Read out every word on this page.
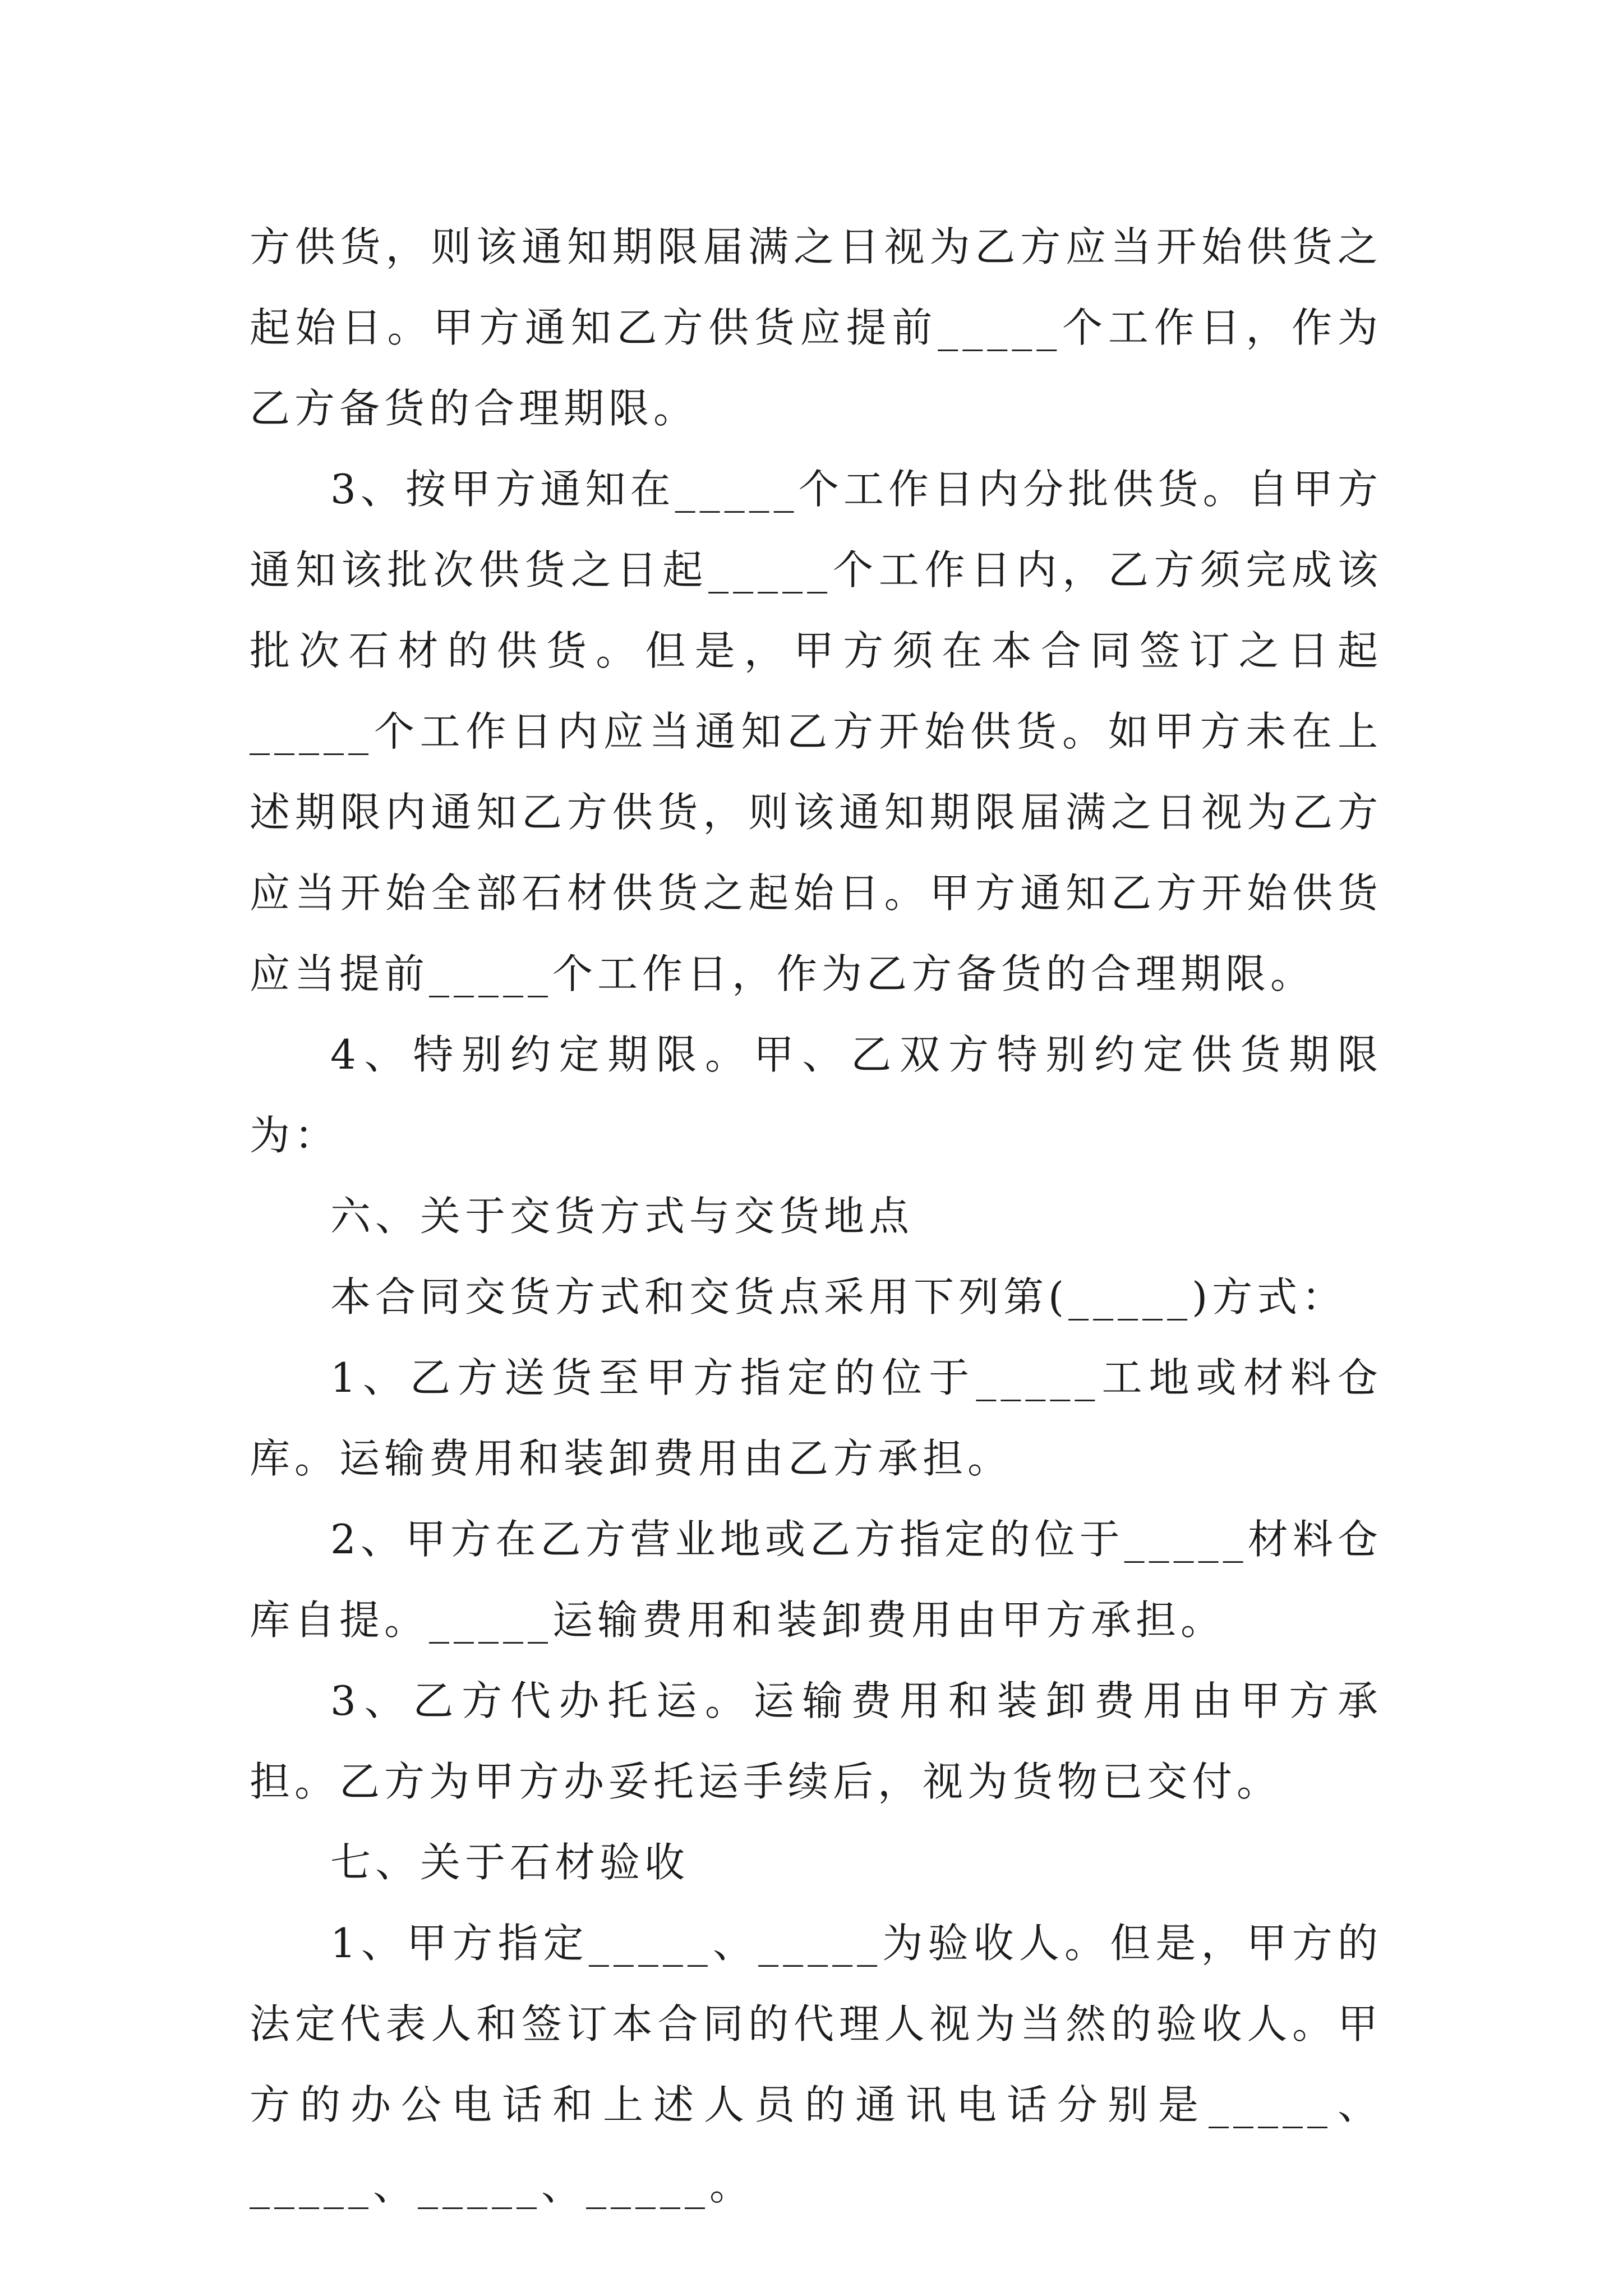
方供货，则该通知期限届满之日视为乙方应当开始供货之起始日。甲方通知乙方供货应提前_____个工作日，作为乙方备货的合理期限。

3、按甲方通知在_____个工作日内分批供货。自甲方通知该批次供货之日起_____个工作日内，乙方须完成该批次石材的供货。但是，甲方须在本合同签订之日起_____个工作日内应当通知乙方开始供货。如甲方未在上述期限内通知乙方供货，则该通知期限届满之日视为乙方应当开始全部石材供货之起始日。甲方通知乙方开始供货应当提前_____个工作日，作为乙方备货的合理期限。

4、特别约定期限。甲、乙双方特别约定供货期限为：

六、关于交货方式与交货地点

本合同交货方式和交货点采用下列第(_____)方式：

1、乙方送货至甲方指定的位于_____工地或材料仓库。运输费用和装卸费用由乙方承担。

2、甲方在乙方营业地或乙方指定的位于_____材料仓库自提。_____运输费用和装卸费用由甲方承担。

3、乙方代办托运。运输费用和装卸费用由甲方承担。乙方为甲方办妥托运手续后，视为货物已交付。

七、关于石材验收

1、甲方指定_____、_____为验收人。但是，甲方的法定代表人和签订本合同的代理人视为当然的验收人。甲方的办公电话和上述人员的通讯电话分别是_____、_____、_____、_____。
